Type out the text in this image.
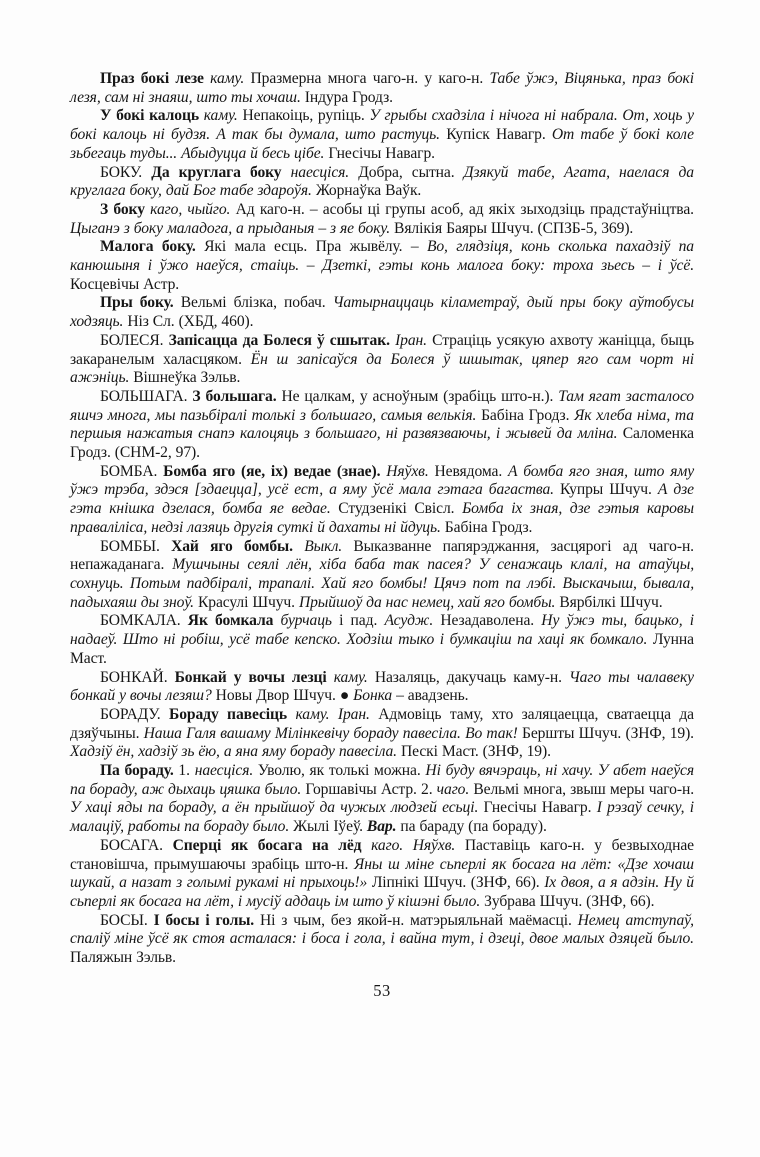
Праз бокі лезе каму. Празмерна многа чаго-н. у каго-н. Табе ўжэ, Віцянька, праз бокі лезя, сам ні знаяш, што ты хочаш. Індура Гродз.

У бокі калоць каму. Непакоіць, рупіць. У грыбы схадзіла і нічога ні набрала. От, хоць у бокі калоць ні будзя. А так бы думала, што растуць. Купіск Навагр. От табе ў бокі коле зьбегаць туды... Абыдуцца й бесь цібе. Гнесічы Навагр.

БОКУ. Да круглага боку наесціся. Добра, сытна. Дзякуй табе, Агата, наелася да круглага боку, дай Бог табе здароўя. Жорнаўка Ваўк.

З боку каго, чыйго. Ад каго-н. – асобы ці групы асоб, ад якіх зыходзіць прадстаўніцтва. Цыганэ з боку маладога, а прыданыя – з яе боку. Вялікія Баяры Шчуч. (СПЗБ-5, 369).

Малога боку. Які мала есць. Пра жывёлу. – Во, глядзіця, конь сколька пахадзіў па канюшыня і ўжо наеўся, стаіць. – Дзеткі, гэты конь малога боку: троха зьесь – і ўсё. Косцевічы Астр.

Пры боку. Вельмі блізка, побач. Чатырнаццаць кіламетраў, дый пры боку аўтобусы ходзяць. Ніз Сл. (ХБД, 460).

БОЛЕСЯ. Запісацца да Болеся ў сшытак. Іран. Страціць усякую ахвоту жаніцца, быць закаранелым халасцяком. Ён ш запісаўся да Болеся ў шшытак, цяпер яго сам чорт ні ажэніць. Вішнеўка Зэльв.

БОЛЬШАГА. З большага. Не цалкам, у асноўным (зрабіць што-н.). Там ягат засталосо яшчэ многа, мы пазьбіралі толькі з большаго, самыя велькія. Бабіна Гродз. Як хлеба німа, та першыя нажатыя снапэ калоцяць з большаго, ні развязваючы, і жывей да мліна. Саломенка Гродз. (СНМ-2, 97).

БОМБА. Бомба яго (яе, іх) ведае (знае). Няўхв. Невядома. А бомба яго зная, што яму ўжэ трэба, здэся [здаецца], усё ест, а яму ўсё мала гэтага багаства. Купры Шчуч. А дзе гэта кнішка дзелася, бомба яе ведае. Студзенікі Свісл. Бомба іх зная, дзе гэтыя каровы праваліліса, недзі лазяць другія суткі й дахаты ні йдуць. Бабіна Гродз.

БОМБЫ. Хай яго бомбы. Выкл. Выказванне папярэджання, засцярогі ад чаго-н. непажаданага. Мушчыны сеялі лён, хіба баба так пасея? У сенажаць клалі, на атаўцы, сохнуць. Потым падбіралі, трапалі. Хай яго бомбы! Цячэ пот па лэбі. Выскачыш, бывала, падыхаяш ды зноў. Красулі Шчуч. Прыйшоў да нас немец, хай яго бомбы. Вярбілкі Шчуч.

БОМКАЛА. Як бомкала бурчаць і пад. Асудж. Незадаволена. Ну ўжэ ты, бацько, і надаеў. Што ні робіш, усё табе кепско. Ходзіш тыко і бумкаціш па хаці як бомкало. Лунна Маст.

БОНКАЙ. Бонкай у вочы лезці каму. Назаляць, дакучаць каму-н. Чаго ты чалавеку бонкай у вочы лезяш? Новы Двор Шчуч. ● Бонка – авадзень.

БОРАДУ. Бораду павесіць каму. Іран. Адмовіць таму, хто заляцаецца, сватаецца да дзяўчыны. Наша Галя вашаму Мілінкевічу бораду павесіла. Во так! Бершты Шчуч. (ЗНФ, 19). Хадзіў ён, хадзіў зь ёю, а яна яму бораду павесіла. Пескі Маст. (ЗНФ, 19).

Па бораду. 1. наесціся. Уволю, як толькі можна. Ні буду вячэраць, ні хачу. У абет наеўся па бораду, аж дыхаць цяшка было. Горшавічы Астр. 2. чаго. Вельмі многа, звыш меры чаго-н. У хаці яды па бораду, а ён прыйшоў да чужых людзей есьці. Гнесічы Навагр. І рэзаў сечку, і малаціў, работы па бораду было. Жылі Іўеў. Вар. па бараду (па бораду).

БОСАГА. Сперці як босага на лёд каго. Няўхв. Паставіць каго-н. у безвыходнае становішча, прымушаючы зрабіць што-н. Яны ш міне сьперлі як босага на лёт: «Дзе хочаш шукай, а назат з голымі рукамі ні прыхоць!» Ліпнікі Шчуч. (ЗНФ, 66). Іх двоя, а я адзін. Ну й сьперлі як босага на лёт, і мусіў аддаць ім што ў кішэні было. Зубрава Шчуч. (ЗНФ, 66).

БОСЫ. І босы і голы. Ні з чым, без якой-н. матэрыяльнай маёмасці. Немец атступаў, спаліў міне ўсё як стоя асталася: і боса і гола, і вайна тут, і дзеці, двое малых дзяцей было. Паляжын Зэльв.

53
